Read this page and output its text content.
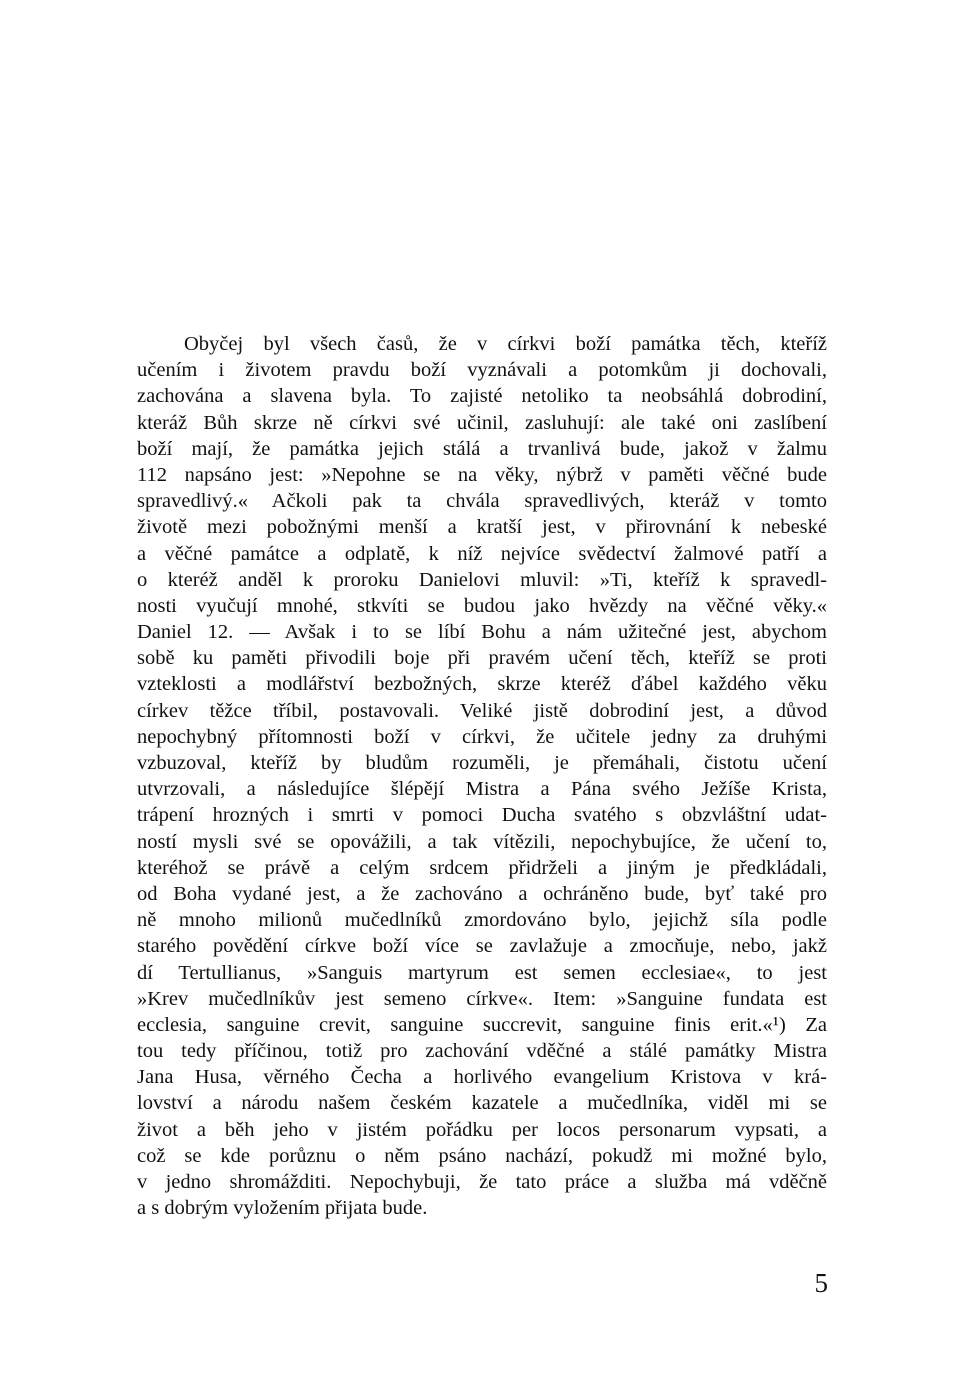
Obyčej byl všech časů, že v církvi boží památka těch, kteříž
učením i životem pravdu boží vyznávali a potomkům ji dochovali,
zachována a slavena byla. To zajisté netoliko ta neobsáhlá dobrodiní,
kteráž Bůh skrze ně církvi své učinil, zasluhují: ale také oni zaslíbení
boží mají, že památka jejich stálá a trvanlivá bude, jakož v žalmu
112 napsáno jest: »Nepohne se na věky, nýbrž v paměti věčné bude
spravedlivý.« Ačkoli pak ta chvála spravedlivých, kteráž v tomto
životě mezi pobožnými menší a kratší jest, v přirovnání k nebeské
a věčné památce a odplatě, k níž nejvíce svědectví žalmové patří a
o kteréž anděl k proroku Danielovi mluvil: »Ti, kteříž k spravedl-
nosti vyučují mnohé, stkvíti se budou jako hvězdy na věčné věky.«
Daniel 12. — Avšak i to se líbí Bohu a nám užitečné jest, abychom
sobě ku paměti přivodili boje při pravém učení těch, kteříž se proti
vzteklosti a modlářství bezbožných, skrze kteréž ďábel každého věku
církev těžce tříbil, postavovali. Veliké jistě dobrodiní jest, a důvod
nepochybný přítomnosti boží v církvi, že učitele jedny za druhými
vzbuzoval, kteříž by bludům rozuměli, je přemáhali, čistotu učení
utvrzovali, a následujíce šlépějí Mistra a Pána svého Ježíše Krista,
trápení hrozných i smrti v pomoci Ducha svatého s obzvláštní udat-
ností mysli své se opovážili, a tak vítězili, nepochybujíce, že učení to,
kteréhož se právě a celým srdcem přidrželi a jiným je předkládali,
od Boha vydané jest, a že zachováno a ochráněno bude, byť také pro
ně mnoho milionů mučedlníků zmordováno bylo, jejichž síla podle
starého povědění církve boží více se zavlažuje a zmocňuje, nebo, jakž
dí Tertullianus, »Sanguis martyrum est semen ecclesiae«, to jest
»Krev mučedlníkův jest semeno církve«. Item: »Sanguine fundata est
ecclesia, sanguine crevit, sanguine succrevit, sanguine finis erit.«¹) Za
tou tedy příčinou, totiž pro zachování vděčné a stálé památky Mistra
Jana Husa, věrného Čecha a horlivého evangelium Kristova v krá-
lovství a národu našem českém kazatele a mučedlníka, viděl mi se
život a běh jeho v jistém pořádku per locos personarum vypsati, a
což se kde porůznu o něm psáno nachází, pokudž mi možné bylo,
v jedno shromážditi. Nepochybuji, že tato práce a služba má vděčně
a s dobrým vyložením přijata bude.
5
